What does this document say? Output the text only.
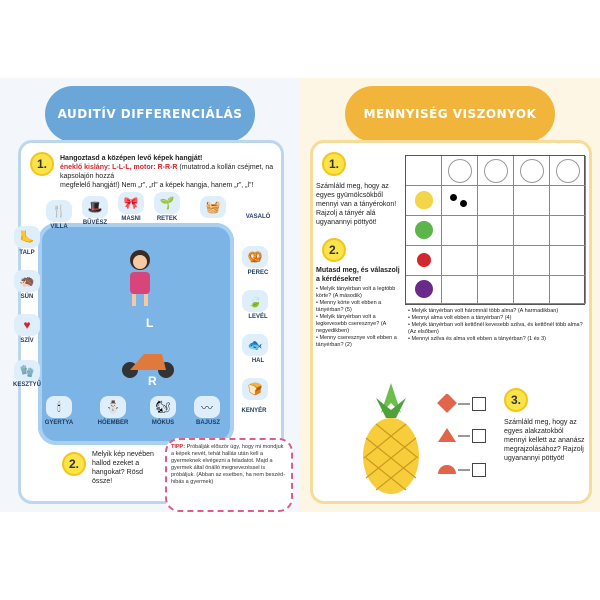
AUDITÍV DIFFERENCIÁLÁS
1.	Hangoztasd a középen levő képek hangját!
éneklő kislány: L-L-L, motor: R-R-R (mutatrod.a kollán cséjmet, na kapsolajón hozzá
megfelelő hangját!) Nem „r”, „rl” a képek hangja, hanem „r”, „l”!
L
R
🍴
VILLA
🎩
BŰVÉSZ
🎀
MASNI
🌱
RETEK
🧺
VASALÓ
🥨
PEREC
🍃
LEVÉL
🐟
HAL
🍞
KENYÉR
〰
BAJUSZ
🐿
MÓKUS
⛄
HÓEMBER
🕯
GYERTYA
🧤
KESZTYŰ
♥
SZÍV
🦔
SÜN
🦶
TALP
2.
Melyik kép nevében hallod ezeket a hangokat? Rösd össze!
TIPP: Próbálják először úgy, hogy mi mondjuk a képek nevét, tehát hallás után kell a gyermeknek elvégezni a feladatot. Majd a gyermek által önálló megnevezéssel is próbáljuk. (Abban az esetben, ha nem beszéd-hibás a gyermek)
MENNYISÉG VISZONYOK
1.
Számláld meg, hogy az egyes gyümölcsökből mennyi van a tányérokon! Rajzolj a tányér alá ugyanannyi pöttyöt!
2.
Mutasd meg, és válaszolj a kérdésekre!
• Melyik tányérban volt a legtöbb körte? (A második)
• Menny körte volt ebben a tányérban? (5)
• Melyik tányérban volt a legkevesebb cseresznye? (A negyedikben)
• Menny cseresznye volt ebben a tányérban? (2)
• Melyik tányérban volt háromnál több alma? (A harmadikban)
• Mennyi alma volt ebben a tányérban? (4)
• Melyik tányérban volt kettőnél kevesebb szilva, és kettőnél több alma? (Az elsőben)
• Mennyi szilva és alma volt ebben a tányérban? (1 és 3)
3.
Számláld meg, hogy az egyes alakzatokból mennyi kellett az ananász megrajzolásához? Rajzolj ugyanannyi pöttyöt!
